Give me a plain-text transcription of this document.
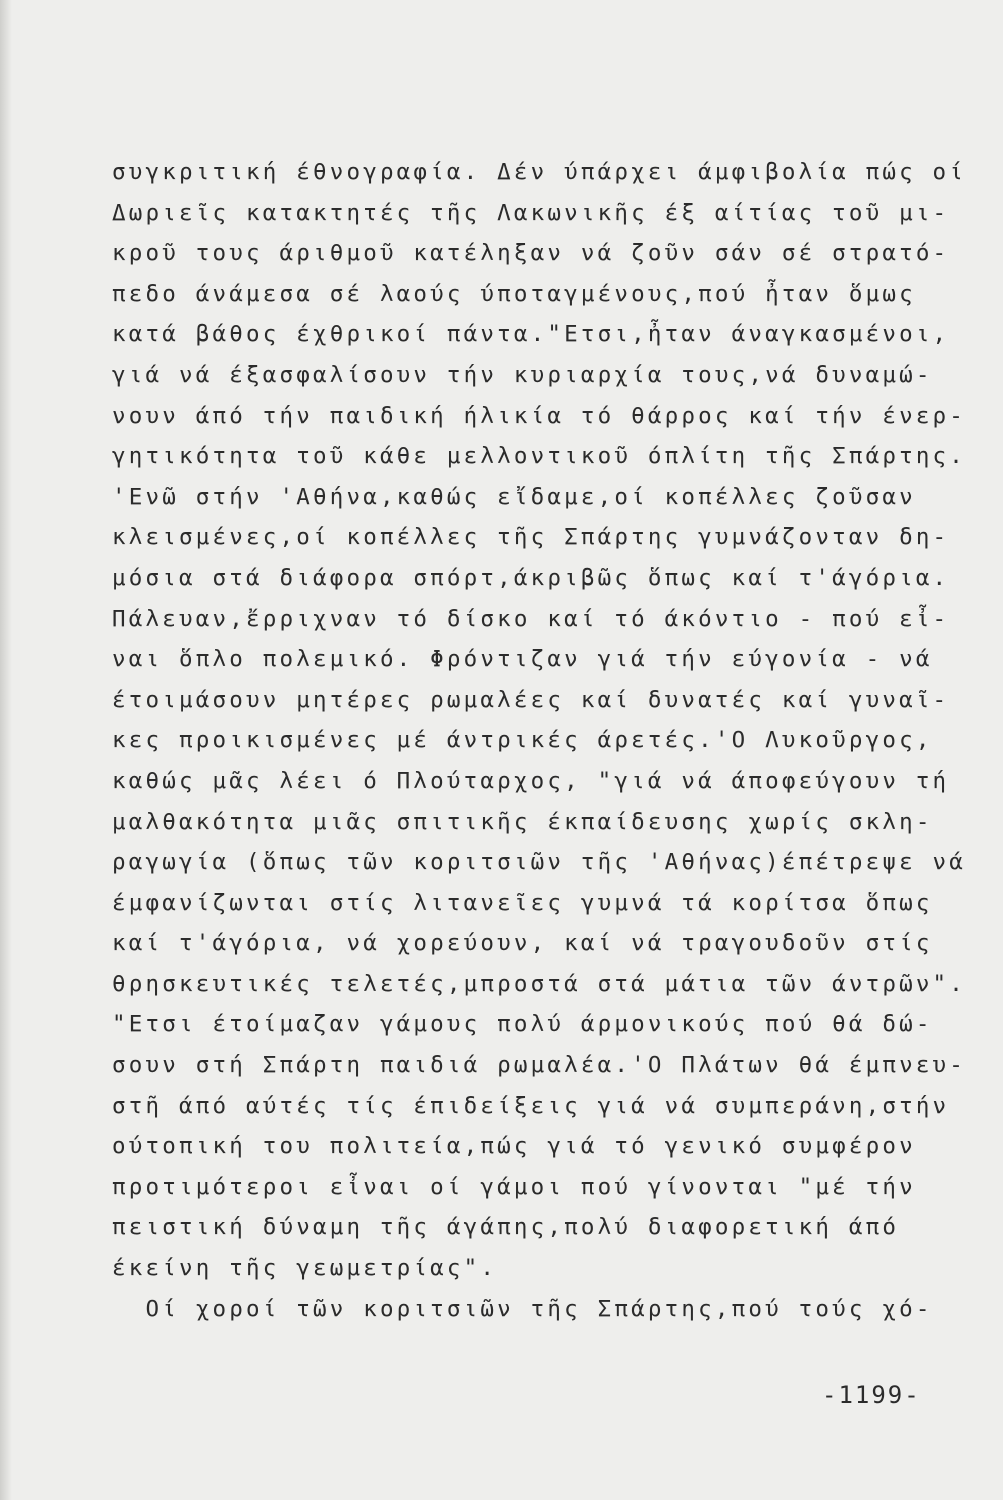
συγκριτική έθνογραφία. Δέν ύπάρχει άμφιβολία πώς οί
Δωριεῖς κατακτητές τῆς Λακωνικῆς έξ αίτίας τοῦ μι-
κροῦ τους άριθμοῦ κατέληξαν νά ζοῦν σάν σέ στρατό-
πεδο άνάμεσα σέ λαούς ύποταγμένους,πού ἦταν ὅμως
κατά βάθος έχθρικοί πάντα."Ετσι,ἦταν άναγκασμένοι,
γιά νά έξασφαλίσουν τήν κυριαρχία τους,νά δυναμώ-
νουν άπό τήν παιδική ήλικία τό θάρρος καί τήν ένερ-
γητικότητα τοῦ κάθε μελλοντικοῦ όπλίτη τῆς Σπάρτης.
'Ενῶ στήν 'Αθήνα,καθώς εἴδαμε,οί κοπέλλες ζοῦσαν
κλεισμένες,οί κοπέλλες τῆς Σπάρτης γυμνάζονταν δη-
μόσια στά διάφορα σπόρτ,άκριβῶς ὅπως καί τ'άγόρια.
Πάλευαν,ἔρριχναν τό δίσκο καί τό άκόντιο - πού εἶ-
ναι ὅπλο πολεμικό. Φρόντιζαν γιά τήν εύγονία - νά
έτοιμάσουν μητέρες ρωμαλέες καί δυνατές καί γυναῖ-
κες προικισμένες μέ άντρικές άρετές.'Ο Λυκοῦργος,
καθώς μᾶς λέει ό Πλούταρχος, "γιά νά άποφεύγουν τή
μαλθακότητα μιᾶς σπιτικῆς έκπαίδευσης χωρίς σκλη-
ραγωγία (ὅπως τῶν κοριτσιῶν τῆς 'Αθήνας)έπέτρεψε νά
έμφανίζωνται στίς λιτανεῖες γυμνά τά κορίτσα ὅπως
καί τ'άγόρια, νά χορεύουν, καί νά τραγουδοῦν στίς
θρησκευτικές τελετές,μπροστά στά μάτια τῶν άντρῶν".
"Ετσι έτοίμαζαν γάμους πολύ άρμονικούς πού θά δώ-
σουν στή Σπάρτη παιδιά ρωμαλέα.'Ο Πλάτων θά έμπνευ-
στῆ άπό αύτές τίς έπιδείξεις γιά νά συμπεράνη,στήν
ούτοπική του πολιτεία,πώς γιά τό γενικό συμφέρον
προτιμότεροι εἶναι οί γάμοι πού γίνονται "μέ τήν
πειστική δύναμη τῆς άγάπης,πολύ διαφορετική άπό
έκείνη τῆς γεωμετρίας".
Οί χοροί τῶν κοριτσιῶν τῆς Σπάρτης,πού τούς χό-
-1199-
